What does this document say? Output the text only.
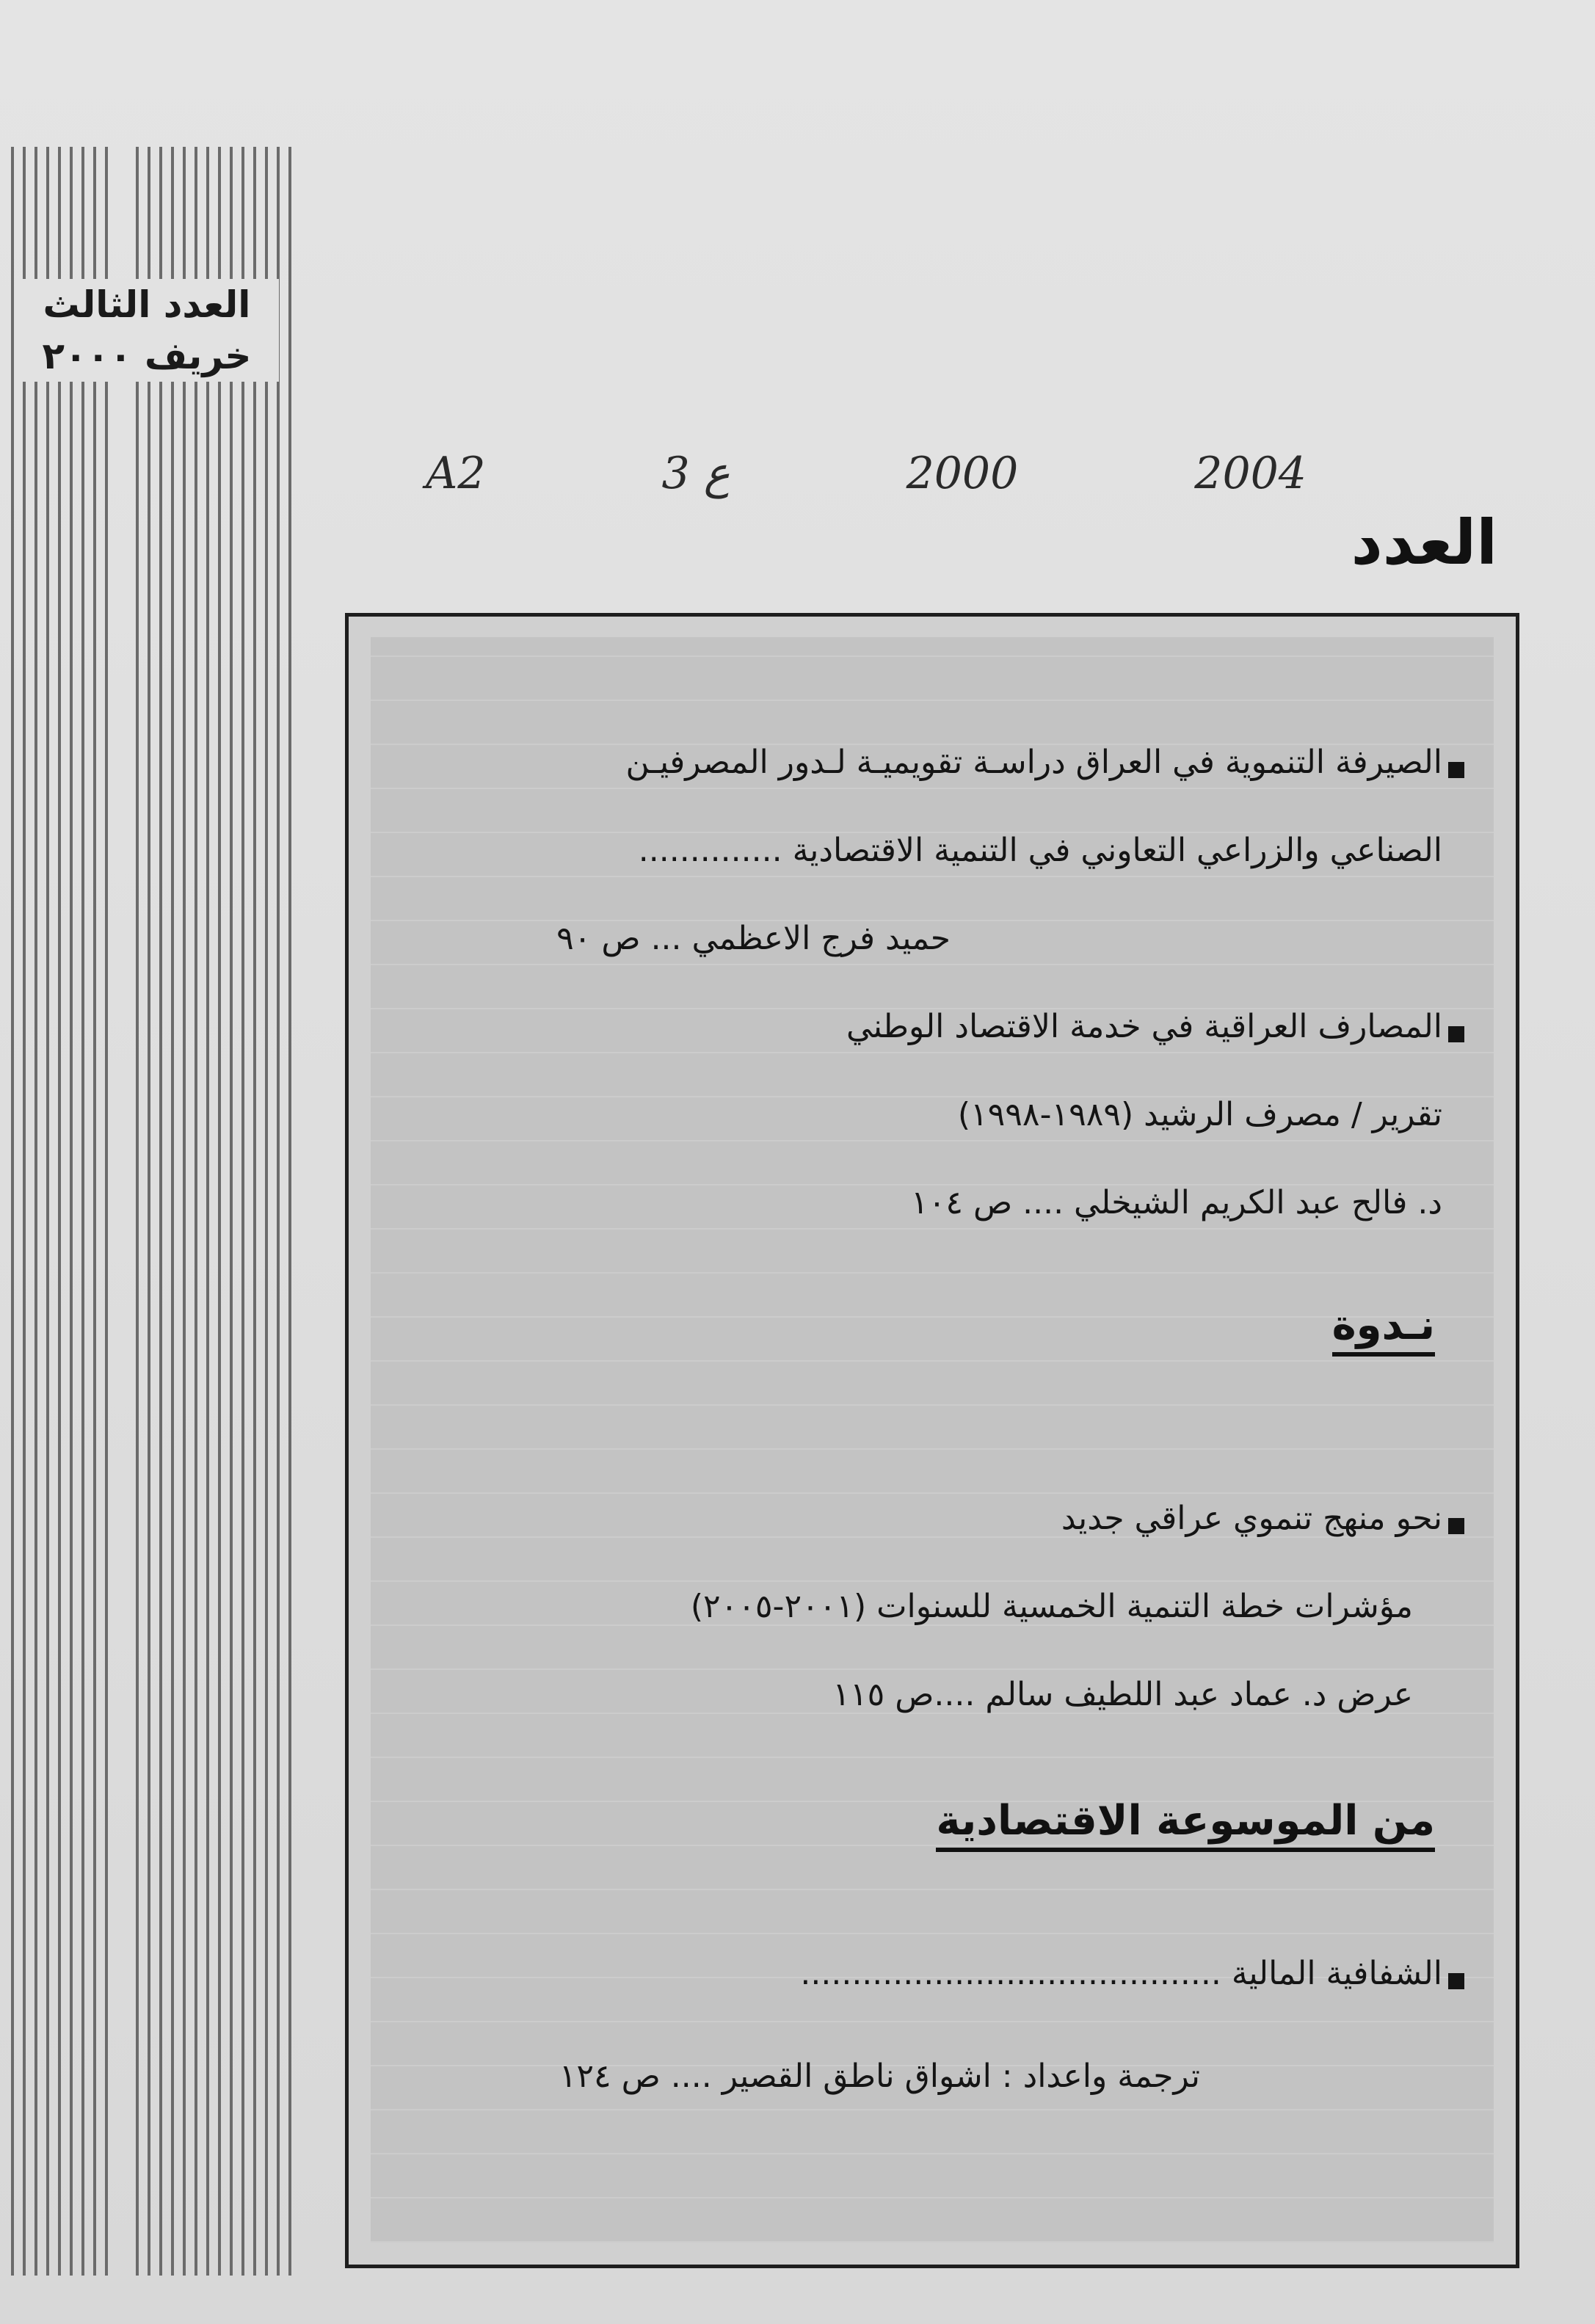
العدد الثالث
خريف ٢٠٠٠
A2	ع 3	2000	2004
العدد
الصيرفة التنموية في العراق دراسـة تقويميـة لـدور المصرفيـن
الصناعي والزراعي التعاوني في التنمية الاقتصادية ..............
حميد فرج الاعظمي ... ص ٩٠
المصارف العراقية في خدمة الاقتصاد الوطني
تقرير / مصرف الرشيد (١٩٨٩-١٩٩٨)
د. فالح عبد الكريم الشيخلي .... ص ١٠٤
نـدوة
نحو منهج تنموي عراقي جديد
مؤشرات خطة التنمية الخمسية للسنوات (٢٠٠١-٢٠٠٥)
عرض د. عماد عبد اللطيف سالم ....ص ١١٥
من الموسوعة الاقتصادية
الشفافية المالية .........................................
ترجمة واعداد : اشواق ناطق القصير .... ص ١٢٤
